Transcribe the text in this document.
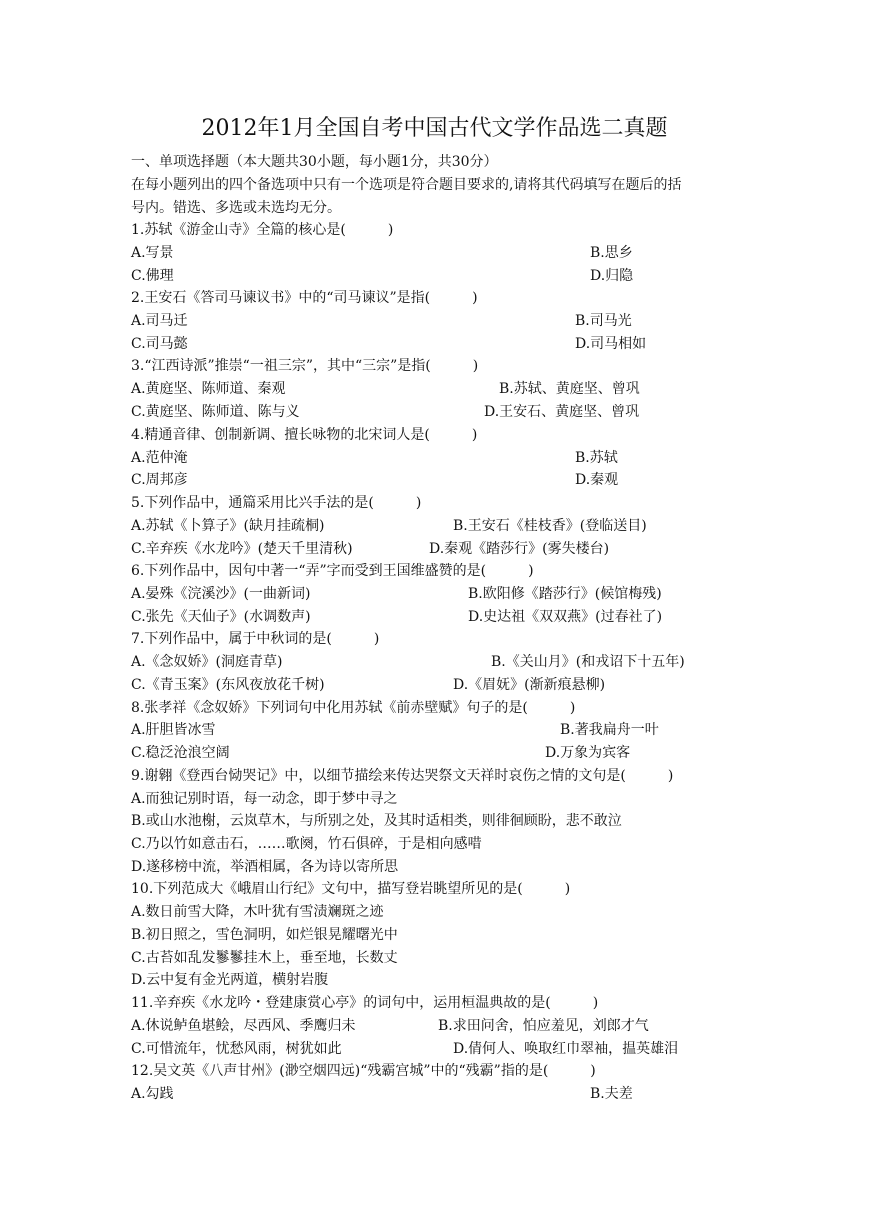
2012年1月全国自考中国古代文学作品选二真题
一、单项选择题（本大题共30小题，每小题1分，共30分）
在每小题列出的四个备选项中只有一个选项是符合题目要求的,请将其代码填写在题后的括
号内。错选、多选或未选均无分。
1.苏轼《游金山寺》全篇的核心是(　　　)
A.写景	B.思乡
C.佛理	D.归隐
2.王安石《答司马谏议书》中的“司马谏议”是指(　　　)
A.司马迁	B.司马光
C.司马懿	D.司马相如
3.“江西诗派”推崇“一祖三宗”，其中“三宗”是指(　　　)
A.黄庭坚、陈师道、秦观	B.苏轼、黄庭坚、曾巩
C.黄庭坚、陈师道、陈与义	D.王安石、黄庭坚、曾巩
4.精通音律、创制新调、擅长咏物的北宋词人是(　　　)
A.范仲淹	B.苏轼
C.周邦彦	D.秦观
5.下列作品中，通篇采用比兴手法的是(　　　)
A.苏轼《卜算子》(缺月挂疏桐)	B.王安石《桂枝香》(登临送目)
C.辛弃疾《水龙吟》(楚天千里清秋)	D.秦观《踏莎行》(雾失楼台)
6.下列作品中，因句中著一“弄”字而受到王国维盛赞的是(　　　)
A.晏殊《浣溪沙》(一曲新词)	B.欧阳修《踏莎行》(候馆梅残)
C.张先《天仙子》(水调数声)	D.史达祖《双双燕》(过春社了)
7.下列作品中，属于中秋词的是(　　　)
A.《念奴娇》(洞庭青草)	B.《关山月》(和戎诏下十五年)
C.《青玉案》(东风夜放花千树)	D.《眉妩》(渐新痕悬柳)
8.张孝祥《念奴娇》下列词句中化用苏轼《前赤壁赋》句子的是(　　　)
A.肝胆皆冰雪	B.著我扁舟一叶
C.稳泛沧浪空阔	D.万象为宾客
9.谢翱《登西台恸哭记》中，以细节描绘来传达哭祭文天祥时哀伤之情的文句是(　　　)
A.而独记别时语，每一动念，即于梦中寻之
B.或山水池榭，云岚草木，与所别之处，及其时适相类，则徘徊顾盼，悲不敢泣
C.乃以竹如意击石，……歌阕，竹石俱碎，于是相向感唶
D.遂移榜中流，举酒相属，各为诗以寄所思
10.下列范成大《峨眉山行纪》文句中，描写登岩眺望所见的是(　　　)
A.数日前雪大降，木叶犹有雪渍斓斑之迹
B.初日照之，雪色洞明，如烂银晃耀曙光中
C.古苔如乱发鬖鬖挂木上，垂至地，长数丈
D.云中复有金光两道，横射岩腹
11.辛弃疾《水龙吟・登建康赏心亭》的词句中，运用桓温典故的是(　　　)
A.休说鲈鱼堪鲙，尽西风、季鹰归未	B.求田问舍，怕应羞见，刘郎才气
C.可惜流年，忧愁风雨，树犹如此	D.倩何人、唤取红巾翠袖，揾英雄泪
12.吴文英《八声甘州》(渺空烟四远)“残霸宫城”中的“残霸”指的是(　　　)
A.勾践	B.夫差
